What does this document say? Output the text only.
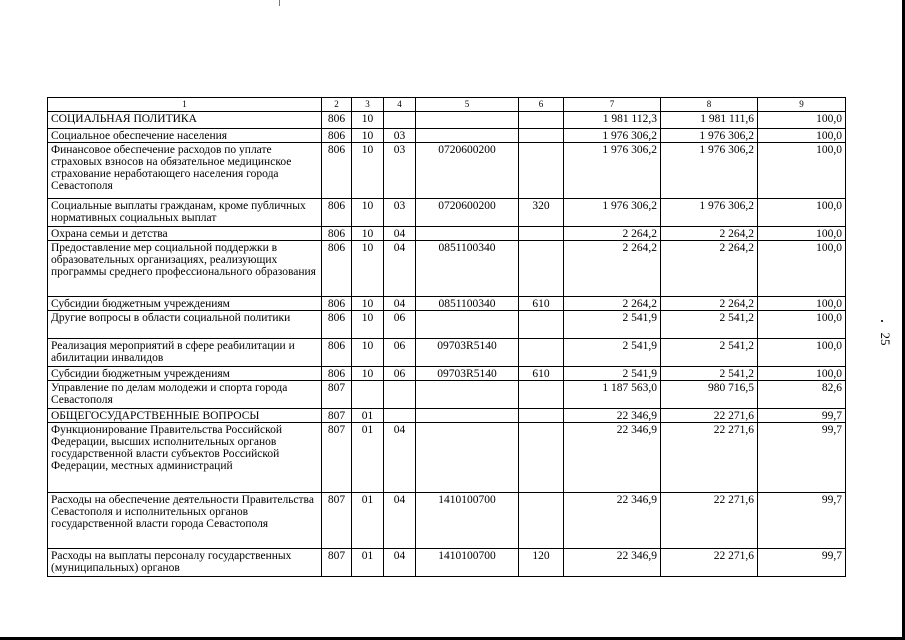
25
1	2	3	4	5	6	7	8	9
СОЦИАЛЬНАЯ ПОЛИТИКА	806	10				1 981 112,3	1 981 111,6	100,0
Социальное обеспечение населения	806	10	03			1 976 306,2	1 976 306,2	100,0
Финансовое обеспечение расходов по уплате страховых взносов на обязательное медицинское страхование неработающего населения города Севастополя	806	10	03	0720600200		1 976 306,2	1 976 306,2	100,0
Социальные выплаты гражданам, кроме публичных нормативных социальных выплат	806	10	03	0720600200	320	1 976 306,2	1 976 306,2	100,0
Охрана семьи и детства	806	10	04			2 264,2	2 264,2	100,0
Предоставление мер социальной поддержки в образовательных организациях, реализующих программы среднего профессионального образования	806	10	04	0851100340		2 264,2	2 264,2	100,0
Субсидии бюджетным учреждениям	806	10	04	0851100340	610	2 264,2	2 264,2	100,0
Другие вопросы в области социальной политики	806	10	06			2 541,9	2 541,2	100,0
Реализация мероприятий в сфере реабилитации и абилитации инвалидов	806	10	06	09703R5140		2 541,9	2 541,2	100,0
Субсидии бюджетным учреждениям	806	10	06	09703R5140	610	2 541,9	2 541,2	100,0
Управление по делам молодежи и спорта города Севастополя	807					1 187 563,0	980 716,5	82,6
ОБЩЕГОСУДАРСТВЕННЫЕ ВОПРОСЫ	807	01				22 346,9	22 271,6	99,7
Функционирование Правительства Российской Федерации, высших исполнительных органов государственной власти субъектов Российской Федерации, местных администраций	807	01	04			22 346,9	22 271,6	99,7
Расходы на обеспечение деятельности Правительства Севастополя и исполнительных органов государственной власти города Севастополя	807	01	04	1410100700		22 346,9	22 271,6	99,7
Расходы на выплаты персоналу государственных (муниципальных) органов	807	01	04	1410100700	120	22 346,9	22 271,6	99,7
